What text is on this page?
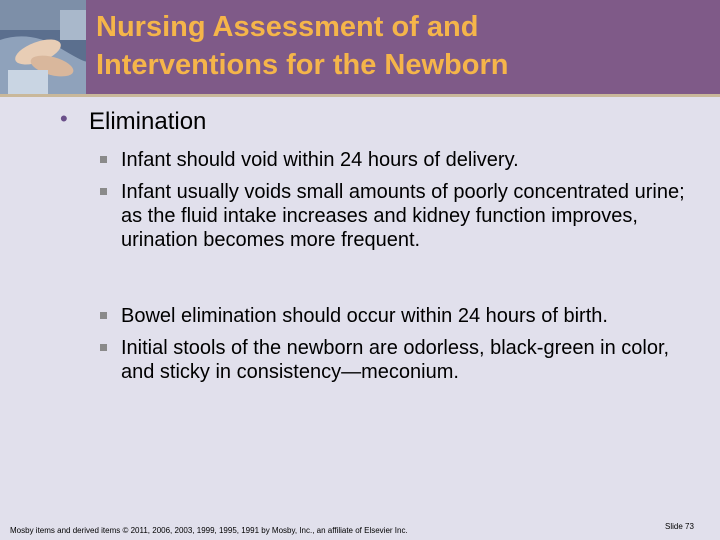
Nursing Assessment of and
Interventions for the Newborn
• Elimination
Infant should void within 24 hours of delivery.
Infant usually voids small amounts of poorly concentrated urine; as the fluid intake increases and kidney function improves, urination becomes more frequent.
Bowel elimination should occur within 24 hours of birth.
Initial stools of the newborn are odorless, black-green in color, and sticky in consistency—meconium.
Mosby items and derived items © 2011, 2006, 2003, 1999, 1995, 1991 by Mosby, Inc., an affiliate of Elsevier Inc.	Slide 73
